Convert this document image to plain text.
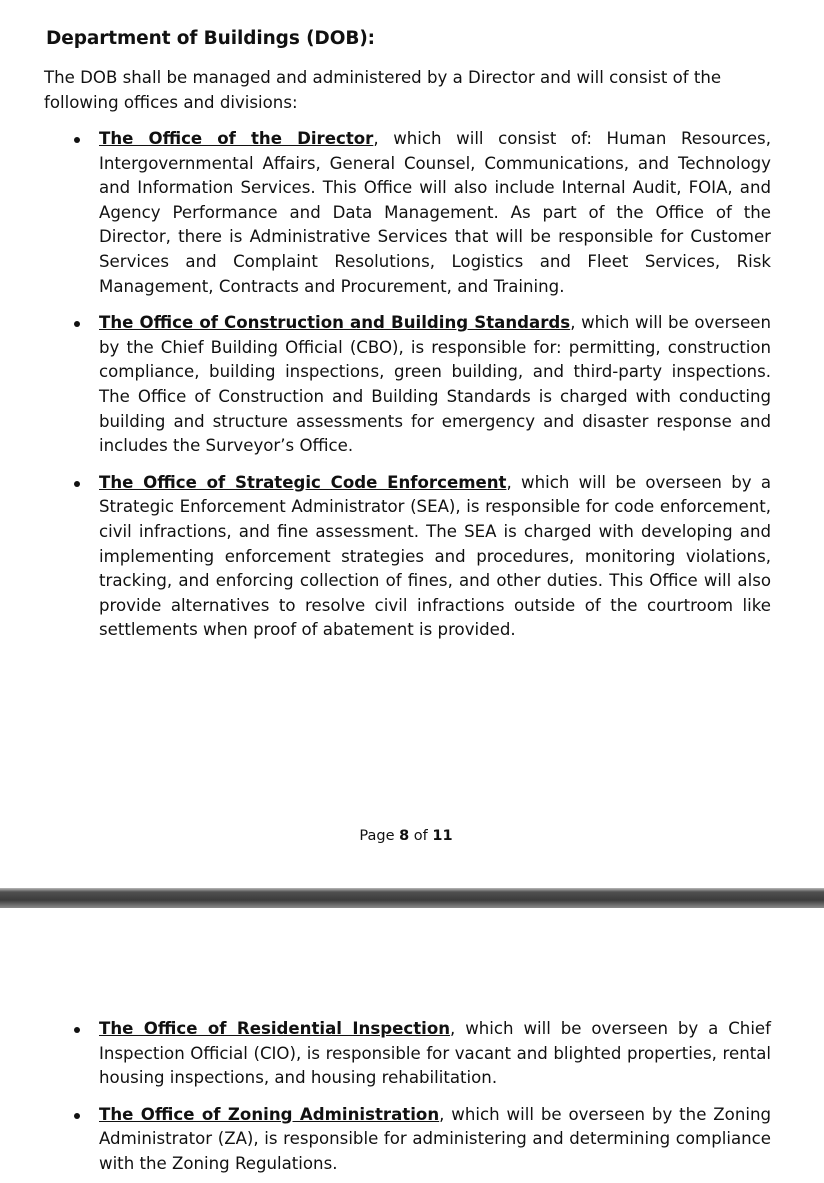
Department of Buildings (DOB):

The DOB shall be managed and administered by a Director and will consist of the following offices and divisions:

The Office of the Director, which will consist of: Human Resources, Intergovernmental Affairs, General Counsel, Communications, and Technology and Information Services. This Office will also include Internal Audit, FOIA, and Agency Performance and Data Management. As part of the Office of the Director, there is Administrative Services that will be responsible for Customer Services and Complaint Resolutions, Logistics and Fleet Services, Risk Management, Contracts and Procurement, and Training.
The Office of Construction and Building Standards, which will be overseen by the Chief Building Official (CBO), is responsible for: permitting, construction compliance, building inspections, green building, and third-party inspections. The Office of Construction and Building Standards is charged with conducting building and structure assessments for emergency and disaster response and includes the Surveyor’s Office.
The Office of Strategic Code Enforcement, which will be overseen by a Strategic Enforcement Administrator (SEA), is responsible for code enforcement, civil infractions, and fine assessment. The SEA is charged with developing and implementing enforcement strategies and procedures, monitoring violations, tracking, and enforcing collection of fines, and other duties. This Office will also provide alternatives to resolve civil infractions outside of the courtroom like settlements when proof of abatement is provided.
Page 8 of 11
The Office of Residential Inspection, which will be overseen by a Chief Inspection Official (CIO), is responsible for vacant and blighted properties, rental housing inspections, and housing rehabilitation.
The Office of Zoning Administration, which will be overseen by the Zoning Administrator (ZA), is responsible for administering and determining compliance with the Zoning Regulations.
